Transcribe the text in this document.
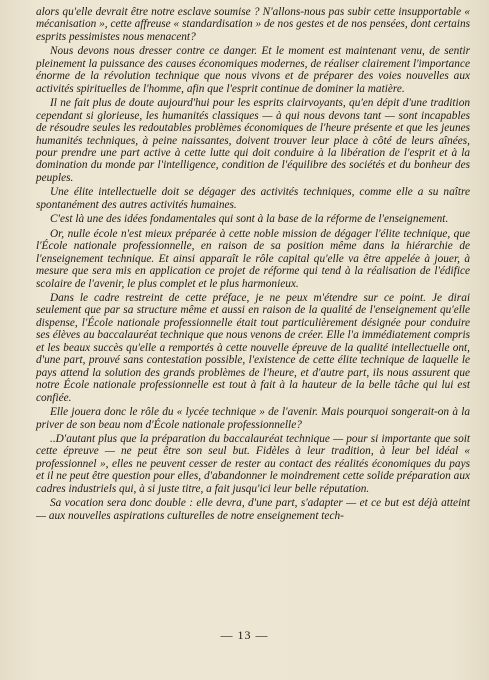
alors qu'elle devrait être notre esclave soumise ? N'allons-nous pas subir cette insupportable « mécanisation », cette affreuse « standardisation » de nos gestes et de nos pensées, dont certains esprits pessimistes nous menacent?

Nous devons nous dresser contre ce danger. Et le moment est maintenant venu, de sentir pleinement la puissance des causes économiques modernes, de réaliser clairement l'importance énorme de la révolution technique que nous vivons et de préparer des voies nouvelles aux activités spirituelles de l'homme, afin que l'esprit continue de dominer la matière.

Il ne fait plus de doute aujourd'hui pour les esprits clairvoyants, qu'en dépit d'une tradition cependant si glorieuse, les humanités classiques — à qui nous devons tant — sont incapables de résoudre seules les redoutables problèmes économiques de l'heure présente et que les jeunes humanités techniques, à peine naissantes, doivent trouver leur place à côté de leurs aînées, pour prendre une part active à cette lutte qui doit conduire à la libération de l'esprit et à la domination du monde par l'intelligence, condition de l'équilibre des sociétés et du bonheur des peuples.

Une élite intellectuelle doit se dégager des activités techniques, comme elle a su naître spontanément des autres activités humaines.

C'est là une des idées fondamentales qui sont à la base de la réforme de l'enseignement.

Or, nulle école n'est mieux préparée à cette noble mission de dégager l'élite technique, que l'École nationale professionnelle, en raison de sa position même dans la hiérarchie de l'enseignement technique. Et ainsi apparaît le rôle capital qu'elle va être appelée à jouer, à mesure que sera mis en application ce projet de réforme qui tend à la réalisation de l'édifice scolaire de l'avenir, le plus complet et le plus harmonieux.

Dans le cadre restreint de cette préface, je ne peux m'étendre sur ce point. Je dirai seulement que par sa structure même et aussi en raison de la qualité de l'enseignement qu'elle dispense, l'École nationale professionnelle était tout particulièrement désignée pour conduire ses élèves au baccalauréat technique que nous venons de créer. Elle l'a immédiatement compris et les beaux succès qu'elle a remportés à cette nouvelle épreuve de la qualité intellectuelle ont, d'une part, prouvé sans contestation possible, l'existence de cette élite technique de laquelle le pays attend la solution des grands problèmes de l'heure, et d'autre part, ils nous assurent que notre École nationale professionnelle est tout à fait à la hauteur de la belle tâche qui lui est confiée.

Elle jouera donc le rôle du « lycée technique » de l'avenir. Mais pourquoi songerait-on à la priver de son beau nom d'École nationale professionnelle?

..D'autant plus que la préparation du baccalauréat technique — pour si importante que soit cette épreuve — ne peut être son seul but. Fidèles à leur tradition, à leur bel idéal « professionnel », elles ne peuvent cesser de rester au contact des réalités économiques du pays et il ne peut être question pour elles, d'abandonner le moindrement cette solide préparation aux cadres industriels qui, à si juste titre, a fait jusqu'ici leur belle réputation.

Sa vocation sera donc double : elle devra, d'une part, s'adapter — et ce but est déjà atteint — aux nouvelles aspirations culturelles de notre enseignement tech-

— 13 —
